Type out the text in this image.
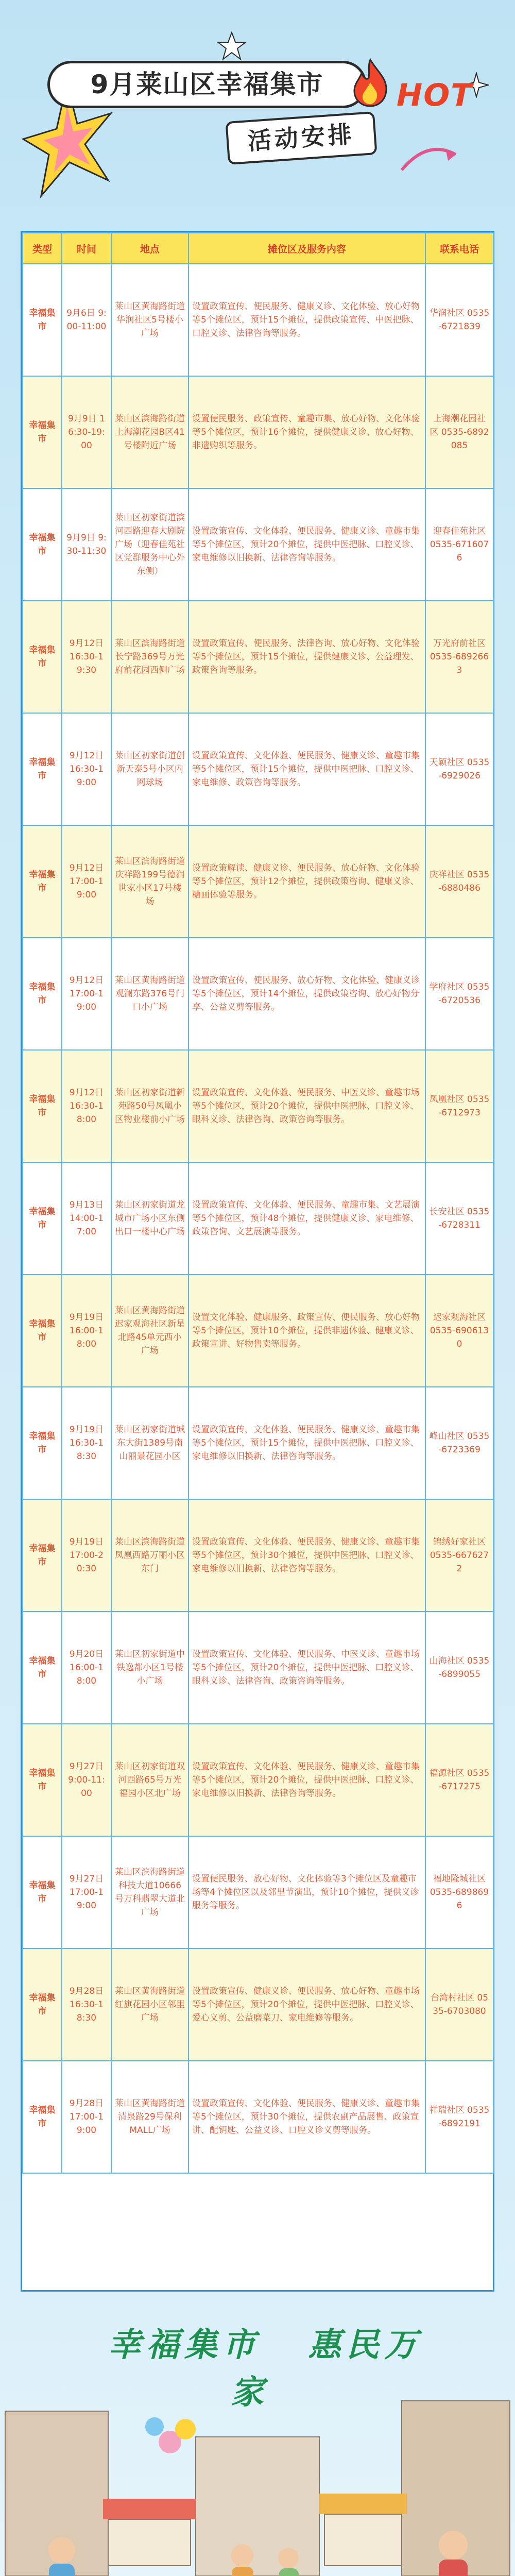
9月莱山区幸福集市	HOT
活动安排
类型	时间	地点	摊位区及服务内容	联系电话
幸福集市	9月6日 9:00-11:00	莱山区黄海路街道华润社区5号楼小广场	设置政策宣传、便民服务、健康义诊、文化体验、放心好物等5个摊位区，预计15个摊位，提供政策宣传、中医把脉、口腔义诊、法律咨询等服务。	华润社区 0535-6721839
幸福集市	9月9日 16:30-19:00	莱山区滨海路街道上海潮花园B区41号楼附近广场	设置便民服务、政策宣传、童趣市集、放心好物、文化体验等5个摊位区，预计16个摊位，提供健康义诊、放心好物、非遗购织等服务。	上海潮花园社区 0535-6892085
幸福集市	9月9日 9:30-11:30	莱山区初家街道滨河西路迎春大剧院广场（迎春佳苑社区党群服务中心外东侧）	设置政策宣传、文化体验、便民服务、健康义诊、童趣市集等5个摊位区，预计20个摊位，提供中医把脉、口腔义诊、家电维修以旧换新、法律咨询等服务。	迎春佳苑社区 0535-6716076
幸福集市	9月12日 16:30-19:30	莱山区滨海路街道长宁路369号万光府前花园西侧广场	设置政策宣传、便民服务、法律咨询、放心好物、文化体验等5个摊位区，预计15个摊位，提供健康义诊、公益理发、政策咨询等服务。	万光府前社区 0535-6892663
幸福集市	9月12日 16:30-19:00	莱山区初家街道创新天泰5号小区内网球场	设置政策宣传、文化体验、便民服务、健康义诊、童趣市集等5个摊位区，预计15个摊位，提供中医把脉、口腔义诊、家电维修、政策咨询等服务。	天颖社区 0535-6929026
幸福集市	9月12日 17:00-19:00	莱山区滨海路街道庆祥路199号德润世家小区17号楼场	设置政策解读、健康义诊、便民服务、放心好物、文化体验等5个摊位区，预计12个摊位，提供政策咨询、健康义诊、糖画体验等服务。	庆祥社区 0535-6880486
幸福集市	9月12日 17:00-19:00	莱山区黄海路街道观澜东路376号门口小广场	设置政策宣传、便民服务、放心好物、文化体验、健康义诊等5个摊位区，预计14个摊位，提供政策咨询、放心好物分享、公益义剪等服务。	学府社区 0535-6720536
幸福集市	9月12日 16:30-18:00	莱山区初家街道新苑路50号凤凰小区物业楼前小广场	设置政策宣传、文化体验、便民服务、中医义诊、童趣市场等5个摊位区，预计20个摊位，提供中医把脉、口腔义诊、眼科义诊、法律咨询、政策咨询等服务。	凤凰社区 0535-6712973
幸福集市	9月13日 14:00-17:00	莱山区初家街道龙城市广场小区东侧出口一楼中心广场	设置政策宣传、文化体验、便民服务、童趣市集、文艺展演等5个摊位区，预计48个摊位，提供健康义诊、家电维修、政策咨询、文艺展演等服务。	长安社区 0535-6728311
幸福集市	9月19日 16:00-18:00	莱山区黄海路街道迟家观海社区新星北路45单元西小广场	设置文化体验、健康服务、政策宣传、便民服务、放心好物等5个摊位区，预计10个摊位，提供非遗体验、健康义诊、政策宣讲、好物售卖等服务。	迟家观海社区 0535-6906130
幸福集市	9月19日 16:30-18:30	莱山区初家街道城东大街1389号南山丽景花园小区	设置政策宣传、文化体验、便民服务、健康义诊、童趣市集等5个摊位区，预计15个摊位，提供中医把脉、口腔义诊、家电维修以旧换新、法律咨询等服务。	峰山社区 0535-6723369
幸福集市	9月19日 17:00-20:30	莱山区滨海路街道凤凰西路万丽小区东门	设置政策宣传、文化体验、便民服务、健康义诊、童趣市集等5个摊位区，预计30个摊位，提供中医把脉、口腔义诊、家电维修以旧换新、法律咨询等服务。	锦绣好家社区 0535-6676272
幸福集市	9月20日 16:00-18:00	莱山区初家街道中铁逸都小区1号楼小广场	设置政策宣传、文化体验、便民服务、中医义诊、童趣市场等5个摊位区，预计20个摊位，提供中医把脉、口腔义诊、眼科义诊、法律咨询、政策咨询等服务。	山海社区 0535-6899055
幸福集市	9月27日 9:00-11:00	莱山区初家街道双河西路65号万光福园小区北广场	设置政策宣传、文化体验、便民服务、健康义诊、童趣市集等5个摊位区，预计20个摊位，提供中医把脉、口腔义诊、家电维修以旧换新、法律咨询等服务。	福源社区 0535-6717275
幸福集市	9月27日 17:00-19:00	莱山区滨海路街道科技大道10666号万科翡翠大道北广场	设置便民服务、放心好物、文化体验等3个摊位区及童趣市场等4个摊位区以及邻里节演出，预计10个摊位，提供义诊服务等服务。	福地隆城社区 0535-6898696
幸福集市	9月28日 16:30-18:30	莱山区黄海路街道红旗花园小区邻里广场	设置政策宣传、健康义诊、便民服务、放心好物、童趣市场等5个摊位区，预计20个摊位，提供中医把脉、口腔义诊、爱心义剪、公益磨菜刀、家电维修等服务。	台湾村社区 0535-6703080
幸福集市	9月28日 17:00-19:00	莱山区黄海路街道清泉路29号保利MALL广场	设置政策宣传、文化体验、便民服务、健康义诊、童趣市集等5个摊位区，预计30个摊位，提供农副产品展售、政策宣讲、配钥匙、公益义诊、口腔义诊义剪等服务。	祥瑞社区 0535-6892191
幸福集市 惠民万家
